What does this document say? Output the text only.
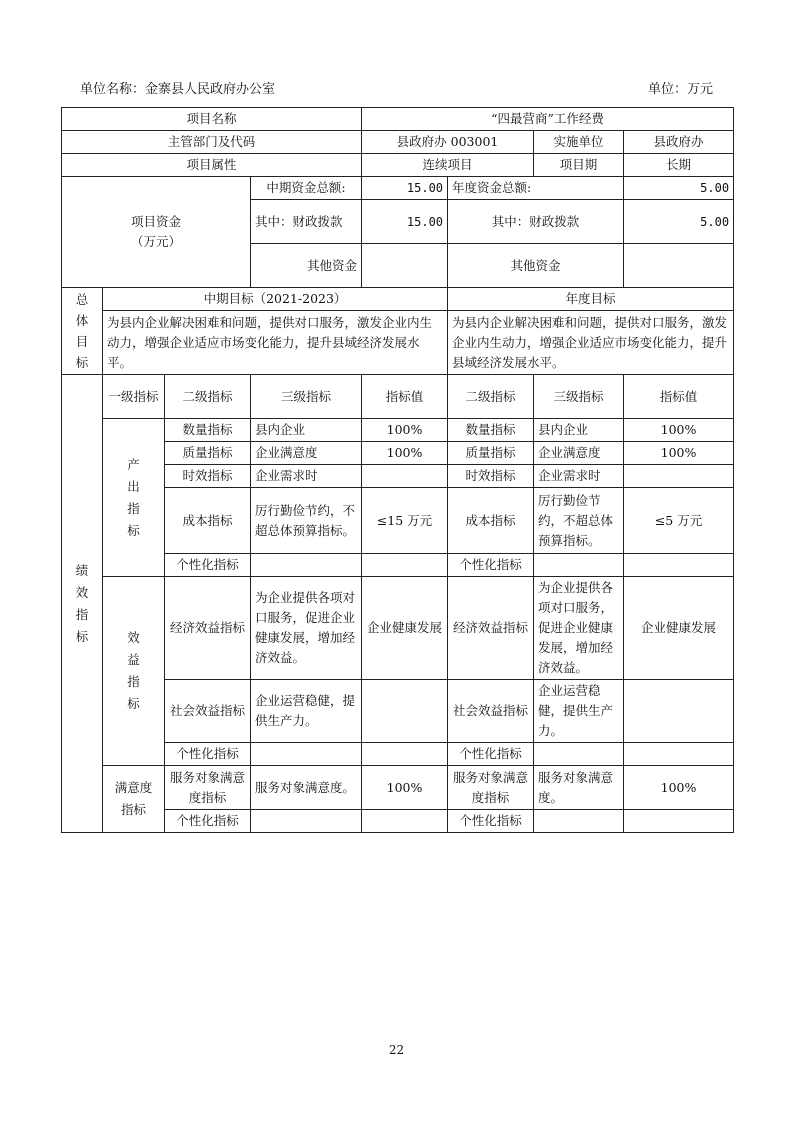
单位名称：金寨县人民政府办公室	单位：万元
项目名称				“四最营商”工作经费			
主管部门及代码				县政府办 003001		实施单位	县政府办
项目属性				连续项目		项目期	长期
项目资金
（万元）			中期资金总额:	15.00	年度资金总额:		5.00
			其中：财政拨款	15.00	其中：财政拨款		5.00
			其他资金		其他资金		
总
体
目
标	中期目标（2021-2023）				年度目标		
	为县内企业解决困难和问题，提供对口服务，激发企业内生动力，增强企业适应市场变化能力，提升县域经济发展水平。				为县内企业解决困难和问题，提供对口服务，激发企业内生动力，增强企业适应市场变化能力，提升县域经济发展水平。		
绩
效
指
标	一级指标	二级指标	三级指标	指标值	二级指标	三级指标	指标值
	产
出
指
标	数量指标	县内企业	100%	数量指标	县内企业	100%
		质量指标	企业满意度	100%	质量指标	企业满意度	100%
		时效指标	企业需求时		时效指标	企业需求时	
		成本指标	厉行勤俭节约，不超总体预算指标。	≤15 万元	成本指标	厉行勤俭节约，不超总体预算指标。	≤5 万元
		个性化指标			个性化指标		
	效
益
指
标	经济效益指标	为企业提供各项对口服务，促进企业健康发展，增加经济效益。	企业健康发展	经济效益指标	为企业提供各项对口服务，促进企业健康发展，增加经济效益。	企业健康发展
		社会效益指标	企业运营稳健，提供生产力。		社会效益指标	企业运营稳健，提供生产力。	
		个性化指标			个性化指标		
	满意度
指标	服务对象满意度指标	服务对象满意度。	100%	服务对象满意度指标	服务对象满意度。	100%
		个性化指标			个性化指标		
22
